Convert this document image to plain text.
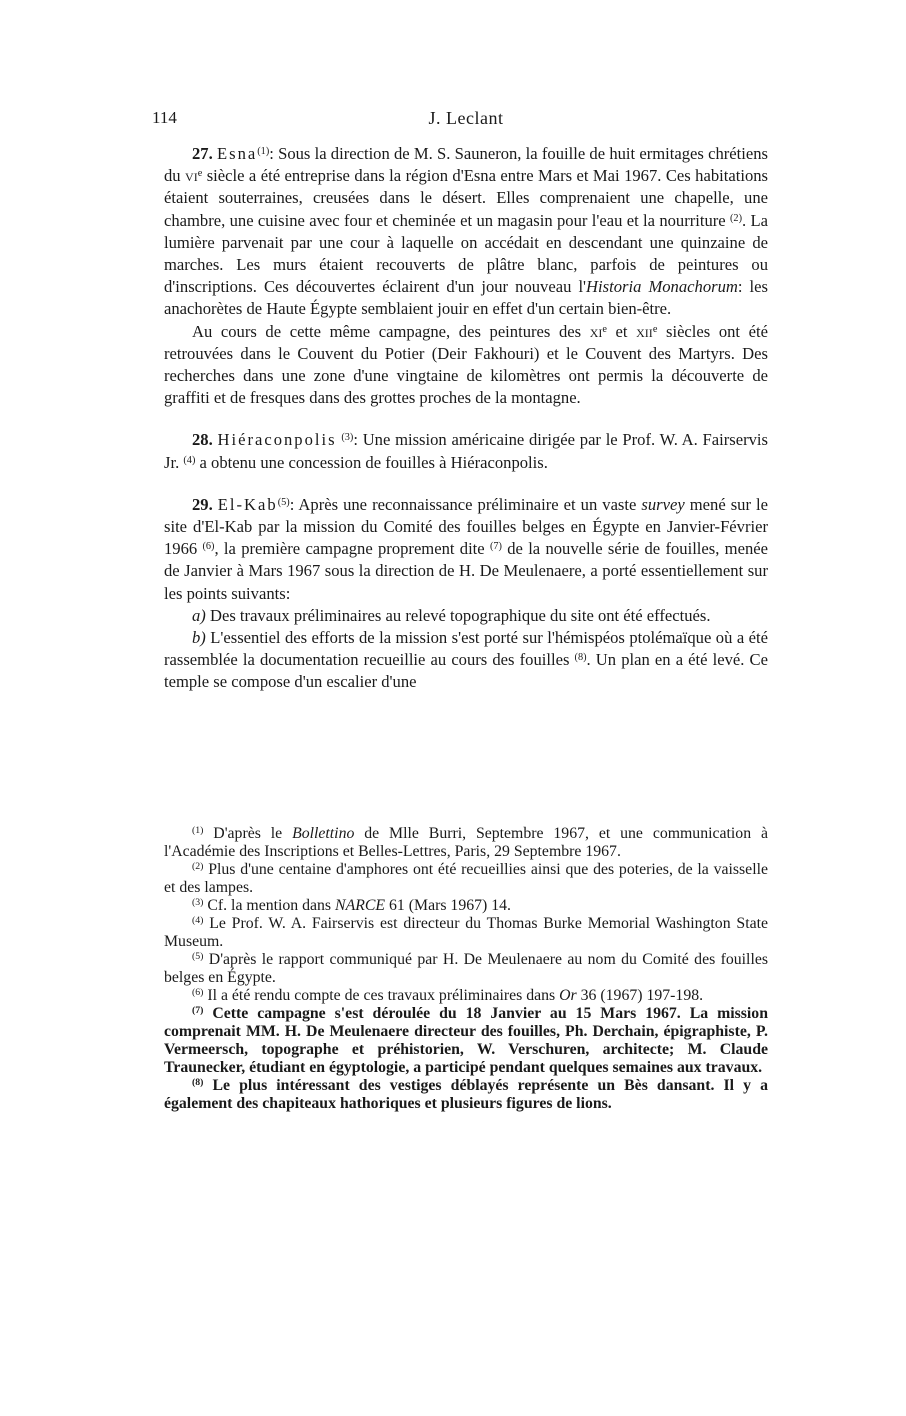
114	J. Leclant

27. Esna$^{(1)}$: Sous la direction de M. S. Sauneron, la fouille de huit ermitages chrétiens du $vi^e$ siècle a été entreprise dans la région d'Esna entre Mars et Mai 1967. Ces habitations étaient souterraines, creusées dans le désert. Elles comprenaient une chapelle, une chambre, une cuisine avec four et cheminée et un magasin pour l'eau et la nourriture $^{(2)}$. La lumière parvenait par une cour à laquelle on accédait en descendant une quinzaine de marches. Les murs étaient recouverts de plâtre blanc, parfois de peintures ou d'inscriptions. Ces découvertes éclairent d'un jour nouveau l'Historia Monachorum: les anachorètes de Haute Égypte semblaient jouir en effet d'un certain bien-être.

Au cours de cette même campagne, des peintures des $xi^e$ et xii$^e$ siècles ont été retrouvées dans le Couvent du Potier (Deir Fakhouri) et le Couvent des Martyrs. Des recherches dans une zone d'une vingtaine de kilomètres ont permis la découverte de graffiti et de fresques dans des grottes proches de la montagne.

28. Hiéraconpolis $^{(3)}$: Une mission américaine dirigée par le Prof. W. A. Fairservis Jr. $^{(4)}$ a obtenu une concession de fouilles à Hiéraconpolis.

29. El-Kab$^{(5)}$: Après une reconnaissance préliminaire et un vaste survey mené sur le site d'El-Kab par la mission du Comité des fouilles belges en Égypte en Janvier-Février 1966 $^{(6)}$, la première campagne proprement dite $^{(7)}$ de la nouvelle série de fouilles, menée de Janvier à Mars 1967 sous la direction de H. De Meulenaere, a porté essentiellement sur les points suivants:

a) Des travaux préliminaires au relevé topographique du site ont été effectués.

b) L'essentiel des efforts de la mission s'est porté sur l'hémispéos ptolémaïque où a été rassemblée la documentation recueillie au cours des fouilles $^{(8)}$. Un plan en a été levé. Ce temple se compose d'un escalier d'une

$^{(1)}$ D'après le Bollettino de Mlle Burri, Septembre 1967, et une communication à l'Académie des Inscriptions et Belles-Lettres, Paris, 29 Septembre 1967.

$^{(2)}$ Plus d'une centaine d'amphores ont été recueillies ainsi que des poteries, de la vaisselle et des lampes.

$^{(3)}$ Cf. la mention dans NARCE 61 (Mars 1967) 14.

$^{(4)}$ Le Prof. W. A. Fairservis est directeur du Thomas Burke Memorial Washington State Museum.

$^{(5)}$ D'après le rapport communiqué par H. De Meulenaere au nom du Comité des fouilles belges en Égypte.

$^{(6)}$ Il a été rendu compte de ces travaux préliminaires dans Or 36 (1967) 197-198.

$^{(7)}$ Cette campagne s'est déroulée du 18 Janvier au 15 Mars 1967. La mission comprenait MM. H. De Meulenaere directeur des fouilles, Ph. Derchain, épigraphiste, P. Vermeersch, topographe et préhistorien, W. Verschuren, architecte; M. Claude Traunecker, étudiant en égyptologie, a participé pendant quelques semaines aux travaux.

$^{(8)}$ Le plus intéressant des vestiges déblayés représente un Bès dansant. Il y a également des chapiteaux hathoriques et plusieurs figures de lions.
